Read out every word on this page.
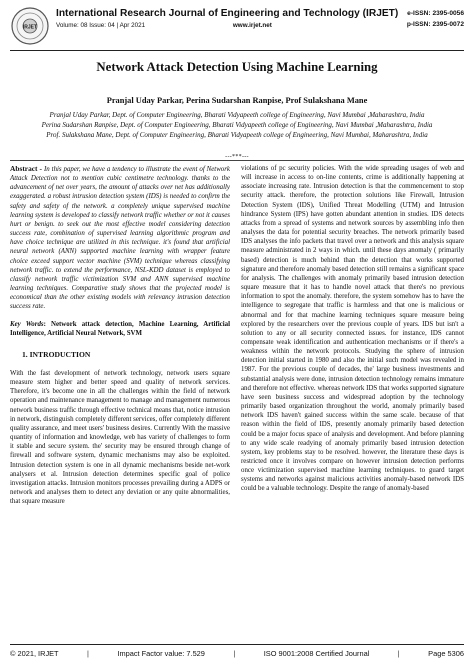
IRJET
International Research Journal of Engineering and Technology (IRJET)
Volume: 08 Issue: 04 | Apr 2021	www.irjet.net
e-ISSN: 2395-0056
p-ISSN: 2395-0072
Network Attack Detection Using Machine Learning
Pranjal Uday Parkar, Perina Sudarshan Ranpise, Prof Sulakshana Mane

Pranjal Uday Parkar, Dept. of Computer Engineering, Bharati Vidyapeeth college of Engineering, Navi Mumbai ,Maharashtra, India

Perina Sudarshan Ranpise, Dept. of Computer Engineering, Bharati Vidyapeeth college of Engineering, Navi Mumbai ,Maharashtra, India

Prof. Sulakshana Mane, Dept. of Computer Engineering, Bharati Vidyapeeth college of Engineering, Navi Mumbai, Maharashtra, India

---***---

Abstract - In this paper, we have a tendency to illustrate the event of Network Attack Detection not to mention cubic centimetre technology. thanks to the advancement of net over years, the amount of attacks over net has additionally exaggerated. a robust intrusion detection system (IDS) is needed to confirm the safety and safety of the network. a completely unique supervised machine learning system is developed to classify network traffic whether or not it causes hurt or benign. to seek out the most effective model considering detection success rate, combination of supervised learning algorithmic program and have choice technique are utilized in this technique. it's found that artificial neural network (ANN) supported machine learning with wrapper feature choice exceed support vector machine (SVM) technique whereas classifying network traffic. to extend the performance, NSL-KDD dataset is employed to classify network traffic victimization SVM and ANN supervised machine learning techniques. Comparative study shows that the projected model is economical than the other existing models with relevancy intrusion detection success rate.

Key Words: Network attack detection, Machine Learning, Artificial Intelligence, Artificial Neural Network, SVM

1. INTRODUCTION

With the fast development of network technology, network users square measure stem higher and better speed and quality of network services. Therefore, it's become one in all the challenges within the field of network operation and maintenance management to manage and management numerous network business traffic through effective technical means that, notice intrusion in network, distinguish completely different services, offer completely different quality assurance, and meet users' business desires. Currently With the massive quantity of information and knowledge, web has variety of challenges to form it stable and secure system. the' security may be ensured through change of firewall and software system, dynamic mechanisms may also be exploited. Intrusion detection system is one in all dynamic mechanisms beside net-work analysers et al. Intrusion detection determines specific goal of police investigation attacks. Intrusion monitors processes prevailing during a ADPS or network and analyses them to detect any deviation or any quite abnormalities, that square measure

violations of pc security policies. With the wide spreading usages of web and will increase in access to on-line contents, crime is additionally happening at associate increasing rate. Intrusion detection is that the commencement to stop security attack. therefore, the protection solutions like Firewall, Intrusion Detection System (IDS), Unified Threat Modelling (UTM) and Intrusion hindrance System (IPS) have gotten abundant attention in studies. IDS detects attacks from a spread of systems and network sources by assembling info then analyses the data for potential security breaches. The network primarily based IDS analyses the info packets that travel over a network and this analysis square measure administrated in 2 ways in which. until these days anomaly ( primarily based) detection is much behind than the detection that works supported signature and therefore anomaly based detection still remains a significant space for analysis. The challenges with anomaly primarily based intrusion detection square measure that it has to handle novel attack that there's no previous information to spot the anomaly. therefore, the system somehow has to have the intelligence to segregate that traffic is harmless and that one is malicious or abnormal and for that machine learning techniques square measure being explored by the researchers over the previous couple of years. IDS but isn't a solution to any or all security connected issues. for instance, IDS cannot compensate weak identification and authentication mechanisms or if there's a weakness within the network protocols. Studying the sphere of intrusion detection initial started in 1980 and also the initial such model was revealed in 1987. For the previous couple of decades, the' large business investments and substantial analysis were done, intrusion detection technology remains immature and therefore not effective. whereas network IDS that works supported signature have seen business success and widespread adoption by the technology primarily based organization throughout the world, anomaly primarily based network IDS haven't gained success within the same scale. because of that reason within the field of IDS, presently anomaly primarily based detection could be a major focus space of analysis and development. And before planning to any wide scale readying of anomaly primarily based intrusion detection system, key problems stay to be resolved. however, the literature these days is restricted once it involves compare on however intrusion detection performs once victimization supervised machine learning techniques. to guard target systems and networks against malicious activities anomaly-based network IDS could be a valuable technology. Despite the range of anomaly-based

© 2021, IRJET	|	Impact Factor value: 7.529	|	ISO 9001:2008 Certified Journal	|	Page 5306
